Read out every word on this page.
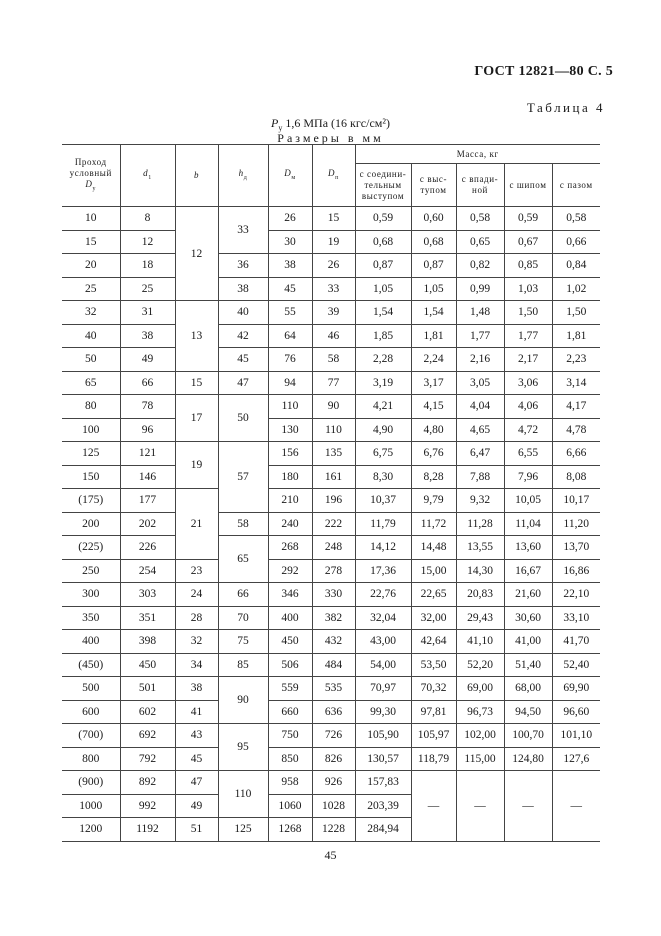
ГОСТ 12821—80 С. 5
Таблица 4
$P_y$ 1,6 МПа (16 кгс/см²)
Размеры в мм
Проход
условный
$D_y$	$d_1$	b	$h_д$	$D_м$	$D_п$	Масса, кг				
						с соедини-тельным выступом	с выс-тупом	с впади-ной	с шипом	с пазом
10	8	12	33	26	15	0,59	0,60	0,58	0,59	0,58
15	12			30	19	0,68	0,68	0,65	0,67	0,66
20	18		36	38	26	0,87	0,87	0,82	0,85	0,84
25	25		38	45	33	1,05	1,05	0,99	1,03	1,02
32	31	13	40	55	39	1,54	1,54	1,48	1,50	1,50
40	38		42	64	46	1,85	1,81	1,77	1,77	1,81
50	49		45	76	58	2,28	2,24	2,16	2,17	2,23
65	66	15	47	94	77	3,19	3,17	3,05	3,06	3,14
80	78	17	50	110	90	4,21	4,15	4,04	4,06	4,17
100	96			130	110	4,90	4,80	4,65	4,72	4,78
125	121	19	57	156	135	6,75	6,76	6,47	6,55	6,66
150	146			180	161	8,30	8,28	7,88	7,96	8,08
(175)	177	21		210	196	10,37	9,79	9,32	10,05	10,17
200	202		58	240	222	11,79	11,72	11,28	11,04	11,20
(225)	226		65	268	248	14,12	14,48	13,55	13,60	13,70
250	254	23		292	278	17,36	15,00	14,30	16,67	16,86
300	303	24	66	346	330	22,76	22,65	20,83	21,60	22,10
350	351	28	70	400	382	32,04	32,00	29,43	30,60	33,10
400	398	32	75	450	432	43,00	42,64	41,10	41,00	41,70
(450)	450	34	85	506	484	54,00	53,50	52,20	51,40	52,40
500	501	38	90	559	535	70,97	70,32	69,00	68,00	69,90
600	602	41		660	636	99,30	97,81	96,73	94,50	96,60
(700)	692	43	95	750	726	105,90	105,97	102,00	100,70	101,10
800	792	45		850	826	130,57	118,79	115,00	124,80	127,6
(900)	892	47	110	958	926	157,83	—	—	—	—
1000	992	49		1060	1028	203,39				
1200	1192	51	125	1268	1228	284,94				
45
